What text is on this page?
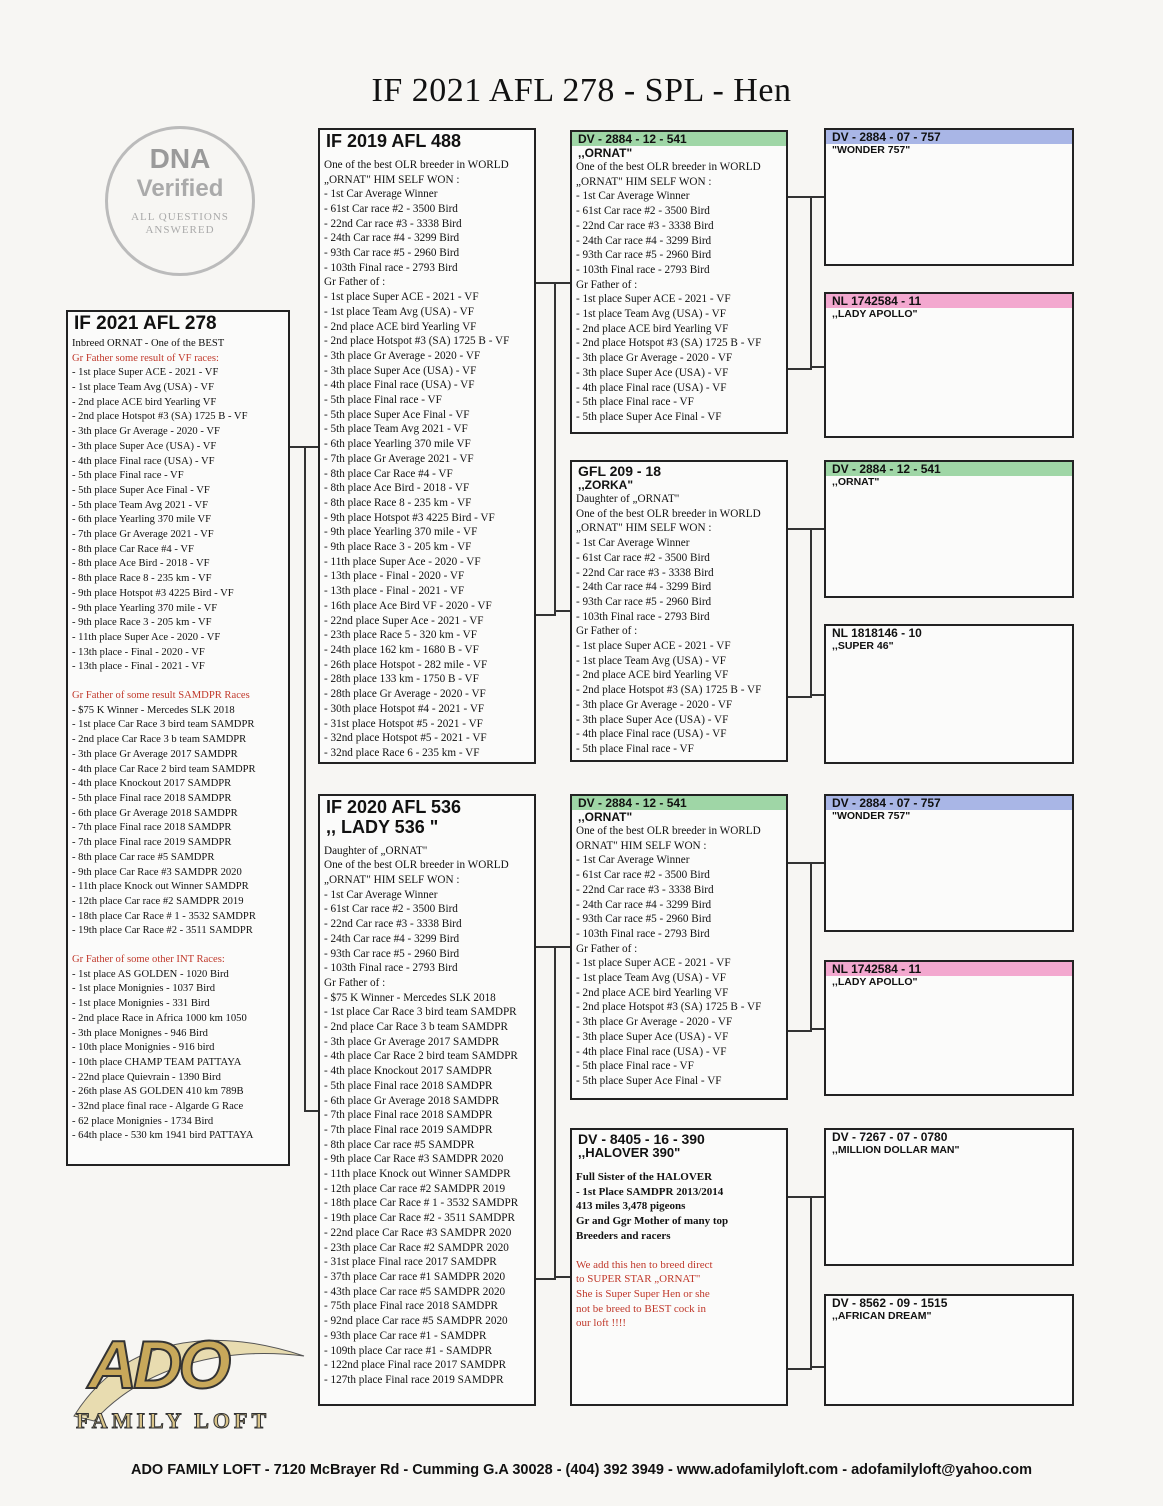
IF 2021 AFL 278 - SPL - Hen
DNA
Verified
ALL QUESTIONS
ANSWERED
IF 2021 AFL 278
Inbreed ORNAT - One of the BEST
Gr Father some result of VF races:
- 1st place Super ACE - 2021 - VF
- 1st place Team Avg (USA) - VF
- 2nd place ACE bird Yearling VF
- 2nd place Hotspot #3 (SA) 1725 B - VF
- 3th place Gr Average - 2020 - VF
- 3th place Super Ace (USA) - VF
- 4th place Final race (USA) - VF
- 5th place Final race - VF
- 5th place Super Ace Final - VF
- 5th place Team Avg 2021 - VF
- 6th place Yearling 370 mile VF
- 7th place Gr Average 2021 - VF
- 8th place Car Race #4 - VF
- 8th place Ace Bird - 2018 - VF
- 8th place Race 8 - 235 km - VF
- 9th place Hotspot #3 4225 Bird - VF
- 9th place Yearling 370 mile - VF
- 9th place Race 3 - 205 km - VF
- 11th place Super Ace - 2020 - VF
- 13th place - Final - 2020 - VF
- 13th place - Final - 2021 - VF
Gr Father of some result SAMDPR Races
- $75 K Winner - Mercedes SLK 2018
- 1st place Car Race 3 bird team SAMDPR
- 2nd place Car Race 3 b team SAMDPR
- 3th place Gr Average 2017 SAMDPR
- 4th place Car Race 2 bird team SAMDPR
- 4th place Knockout 2017 SAMDPR
- 5th place Final race 2018 SAMDPR
- 6th place Gr Average 2018 SAMDPR
- 7th place Final race 2018 SAMDPR
- 7th place Final race 2019 SAMDPR
- 8th place Car race #5 SAMDPR
- 9th place Car Race #3 SAMDPR 2020
- 11th place Knock out Winner SAMDPR
- 12th place Car race #2 SAMDPR 2019
- 18th place Car Race # 1 - 3532 SAMDPR
- 19th place Car Race #2 - 3511 SAMDPR
Gr Father of some other INT Races:
- 1st place AS GOLDEN - 1020 Bird
- 1st place Monignies - 1037 Bird
- 1st place Monignies - 331 Bird
- 2nd place Race in Africa 1000 km 1050
- 3th place Monignes - 946 Bird
- 10th place Monignies - 916 bird
- 10th place CHAMP TEAM PATTAYA
- 22nd place Quievrain - 1390 Bird
- 26th plase AS GOLDEN 410 km 789B
- 32nd place final race - Algarde G Race
- 62 place Monignies - 1734 Bird
- 64th place - 530 km 1941 bird PATTAYA
IF 2019 AFL 488
One of the best OLR breeder in WORLD
„ORNAT" HIM SELF WON :
- 1st Car Average Winner
- 61st Car race #2 - 3500 Bird
- 22nd Car race #3 - 3338 Bird
- 24th Car race #4 - 3299 Bird
- 93th Car race #5 - 2960 Bird
- 103th Final race - 2793 Bird
Gr Father of :
- 1st place Super ACE - 2021 - VF
- 1st place Team Avg (USA) - VF
- 2nd place ACE bird Yearling VF
- 2nd place Hotspot #3 (SA) 1725 B - VF
- 3th place Gr Average - 2020 - VF
- 3th place Super Ace (USA) - VF
- 4th place Final race (USA) - VF
- 5th place Final race - VF
- 5th place Super Ace Final - VF
- 5th place Team Avg 2021 - VF
- 6th place Yearling 370 mile VF
- 7th place Gr Average 2021 - VF
- 8th place Car Race #4 - VF
- 8th place Ace Bird - 2018 - VF
- 8th place Race 8 - 235 km - VF
- 9th place Hotspot #3 4225 Bird - VF
- 9th place Yearling 370 mile - VF
- 9th place Race 3 - 205 km - VF
- 11th place Super Ace - 2020 - VF
- 13th place - Final - 2020 - VF
- 13th place - Final - 2021 - VF
- 16th place Ace Bird VF - 2020 - VF
- 22nd place Super Ace - 2021 - VF
- 23th place Race 5 - 320 km - VF
- 24th place 162 km - 1680 B - VF
- 26th place Hotspot - 282 mile - VF
- 28th place 133 km - 1750 B - VF
- 28th place Gr Average - 2020 - VF
- 30th place Hotspot #4 - 2021 - VF
- 31st place Hotspot #5 - 2021 - VF
- 32nd place Hotspot #5 - 2021 - VF
- 32nd place Race 6 - 235 km - VF
IF 2020 AFL 536
,, LADY 536 "
Daughter of „ORNAT"
One of the best OLR breeder in WORLD
„ORNAT" HIM SELF WON :
- 1st Car Average Winner
- 61st Car race #2 - 3500 Bird
- 22nd Car race #3 - 3338 Bird
- 24th Car race #4 - 3299 Bird
- 93th Car race #5 - 2960 Bird
- 103th Final race - 2793 Bird
Gr Father of :
- $75 K Winner - Mercedes SLK 2018
- 1st place Car Race 3 bird team SAMDPR
- 2nd place Car Race 3 b team SAMDPR
- 3th place Gr Average 2017 SAMDPR
- 4th place Car Race 2 bird team SAMDPR
- 4th place Knockout 2017 SAMDPR
- 5th place Final race 2018 SAMDPR
- 6th place Gr Average 2018 SAMDPR
- 7th place Final race 2018 SAMDPR
- 7th place Final race 2019 SAMDPR
- 8th place Car race #5 SAMDPR
- 9th place Car Race #3 SAMDPR 2020
- 11th place Knock out Winner SAMDPR
- 12th place Car race #2 SAMDPR 2019
- 18th place Car Race # 1 - 3532 SAMDPR
- 19th place Car Race #2 - 3511 SAMDPR
- 22nd place Car Race #3 SAMDPR 2020
- 23th place Car Race #2 SAMDPR 2020
- 31st place Final race 2017 SAMDPR
- 37th place Car race #1 SAMDPR 2020
- 43th place Car race #5 SAMDPR 2020
- 75th place Final race 2018 SAMDPR
- 92nd place Car race #5 SAMDPR 2020
- 93th place Car race #1 - SAMDPR
- 109th place Car race #1 - SAMDPR
- 122nd place Final race 2017 SAMDPR
- 127th place Final race 2019 SAMDPR
DV - 2884 - 12 - 541
,,ORNAT"
One of the best OLR breeder in WORLD
„ORNAT" HIM SELF WON :
- 1st Car Average Winner
- 61st Car race #2 - 3500 Bird
- 22nd Car race #3 - 3338 Bird
- 24th Car race #4 - 3299 Bird
- 93th Car race #5 - 2960 Bird
- 103th Final race - 2793 Bird
Gr Father of :
- 1st place Super ACE - 2021 - VF
- 1st place Team Avg (USA) - VF
- 2nd place ACE bird Yearling VF
- 2nd place Hotspot #3 (SA) 1725 B - VF
- 3th place Gr Average - 2020 - VF
- 3th place Super Ace (USA) - VF
- 4th place Final race (USA) - VF
- 5th place Final race - VF
- 5th place Super Ace Final - VF
GFL 209 - 18
,,ZORKA"
Daughter of „ORNAT"
One of the best OLR breeder in WORLD
„ORNAT" HIM SELF WON :
- 1st Car Average Winner
- 61st Car race #2 - 3500 Bird
- 22nd Car race #3 - 3338 Bird
- 24th Car race #4 - 3299 Bird
- 93th Car race #5 - 2960 Bird
- 103th Final race - 2793 Bird
Gr Father of :
- 1st place Super ACE - 2021 - VF
- 1st place Team Avg (USA) - VF
- 2nd place ACE bird Yearling VF
- 2nd place Hotspot #3 (SA) 1725 B - VF
- 3th place Gr Average - 2020 - VF
- 3th place Super Ace (USA) - VF
- 4th place Final race (USA) - VF
- 5th place Final race - VF
DV - 2884 - 12 - 541
,,ORNAT"
One of the best OLR breeder in WORLD
ORNAT" HIM SELF WON :
- 1st Car Average Winner
- 61st Car race #2 - 3500 Bird
- 22nd Car race #3 - 3338 Bird
- 24th Car race #4 - 3299 Bird
- 93th Car race #5 - 2960 Bird
- 103th Final race - 2793 Bird
Gr Father of :
- 1st place Super ACE - 2021 - VF
- 1st place Team Avg (USA) - VF
- 2nd place ACE bird Yearling VF
- 2nd place Hotspot #3 (SA) 1725 B - VF
- 3th place Gr Average - 2020 - VF
- 3th place Super Ace (USA) - VF
- 4th place Final race (USA) - VF
- 5th place Final race - VF
- 5th place Super Ace Final - VF
DV - 8405 - 16 - 390
,,HALOVER 390"
Full Sister of the HALOVER
- 1st Place SAMDPR 2013/2014
413 miles 3,478 pigeons
Gr and Ggr Mother of many top
Breeders and racers
We add this hen to breed direct
to SUPER STAR „ORNAT"
She is Super Super Hen or she
not be breed to BEST cock in
our loft !!!!
DV - 2884 - 07 - 757
"WONDER 757"
NL 1742584 - 11
,,LADY APOLLO"
DV - 2884 - 12 - 541
,,ORNAT"
NL 1818146 - 10
,,SUPER 46"
DV - 2884 - 07 - 757
"WONDER 757"
NL 1742584 - 11
,,LADY APOLLO"
DV - 7267 - 07 - 0780
,,MILLION DOLLAR MAN"
DV - 8562 - 09 - 1515
,,AFRICAN DREAM"
ADO
FAMILY LOFT
ADO FAMILY LOFT - 7120 McBrayer Rd - Cumming G.A 30028 - (404) 392 3949 - www.adofamilyloft.com - adofamilyloft@yahoo.com
